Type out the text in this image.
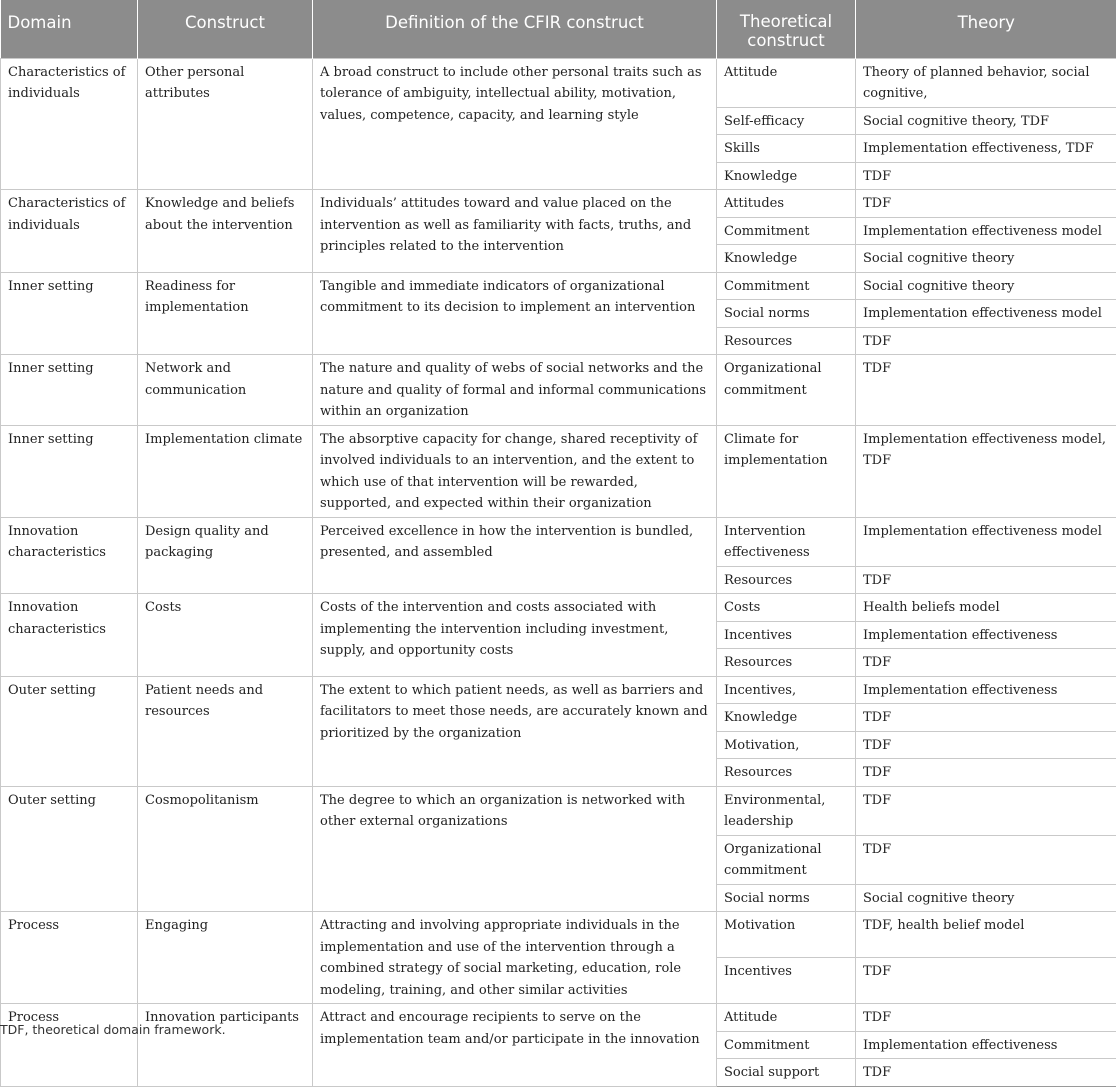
Domain	Construct	Definition of the CFIR construct	Theoretical construct	Theory
Characteristics of individuals	Other personal attributes	A broad construct to include other personal traits such as tolerance of ambiguity, intellectual ability, motivation, values, competence, capacity, and learning style	Attitude	Theory of planned behavior, social cognitive,
			Self-efficacy	Social cognitive theory, TDF
			Skills	Implementation effectiveness, TDF
			Knowledge	TDF
Characteristics of individuals	Knowledge and beliefs about the intervention	Individuals’ attitudes toward and value placed on the intervention as well as familiarity with facts, truths, and principles related to the intervention	Attitudes	TDF
			Commitment	Implementation effectiveness model
			Knowledge	Social cognitive theory
Inner setting	Readiness for implementation	Tangible and immediate indicators of organizational commitment to its decision to implement an intervention	Commitment	Social cognitive theory
			Social norms	Implementation effectiveness model
			Resources	TDF
Inner setting	Network and communication	The nature and quality of webs of social networks and the nature and quality of formal and informal communications within an organization	Organizational commitment	TDF
Inner setting	Implementation climate	The absorptive capacity for change, shared receptivity of involved individuals to an intervention, and the extent to which use of that intervention will be rewarded, supported, and expected within their organization	Climate for implementation	Implementation effectiveness model, TDF
Innovation characteristics	Design quality and packaging	Perceived excellence in how the intervention is bundled, presented, and assembled	Intervention effectiveness	Implementation effectiveness model
			Resources	TDF
Innovation characteristics	Costs	Costs of the intervention and costs associated with implementing the intervention including investment, supply, and opportunity costs	Costs	Health beliefs model
			Incentives	Implementation effectiveness
			Resources	TDF
Outer setting	Patient needs and resources	The extent to which patient needs, as well as barriers and facilitators to meet those needs, are accurately known and prioritized by the organization	Incentives,	Implementation effectiveness
			Knowledge	TDF
			Motivation,	TDF
			Resources	TDF
Outer setting	Cosmopolitanism	The degree to which an organization is networked with other external organizations	Environmental, leadership	TDF
			Organizational commitment	TDF
			Social norms	Social cognitive theory
Process	Engaging	Attracting and involving appropriate individuals in the implementation and use of the intervention through a combined strategy of social marketing, education, role modeling, training, and other similar activities	Motivation	TDF, health belief model
			Incentives	TDF
Process	Innovation participants	Attract and encourage recipients to serve on the implementation team and/or participate in the innovation	Attitude	TDF
			Commitment	Implementation effectiveness
			Social support	TDF
TDF, theoretical domain framework.
